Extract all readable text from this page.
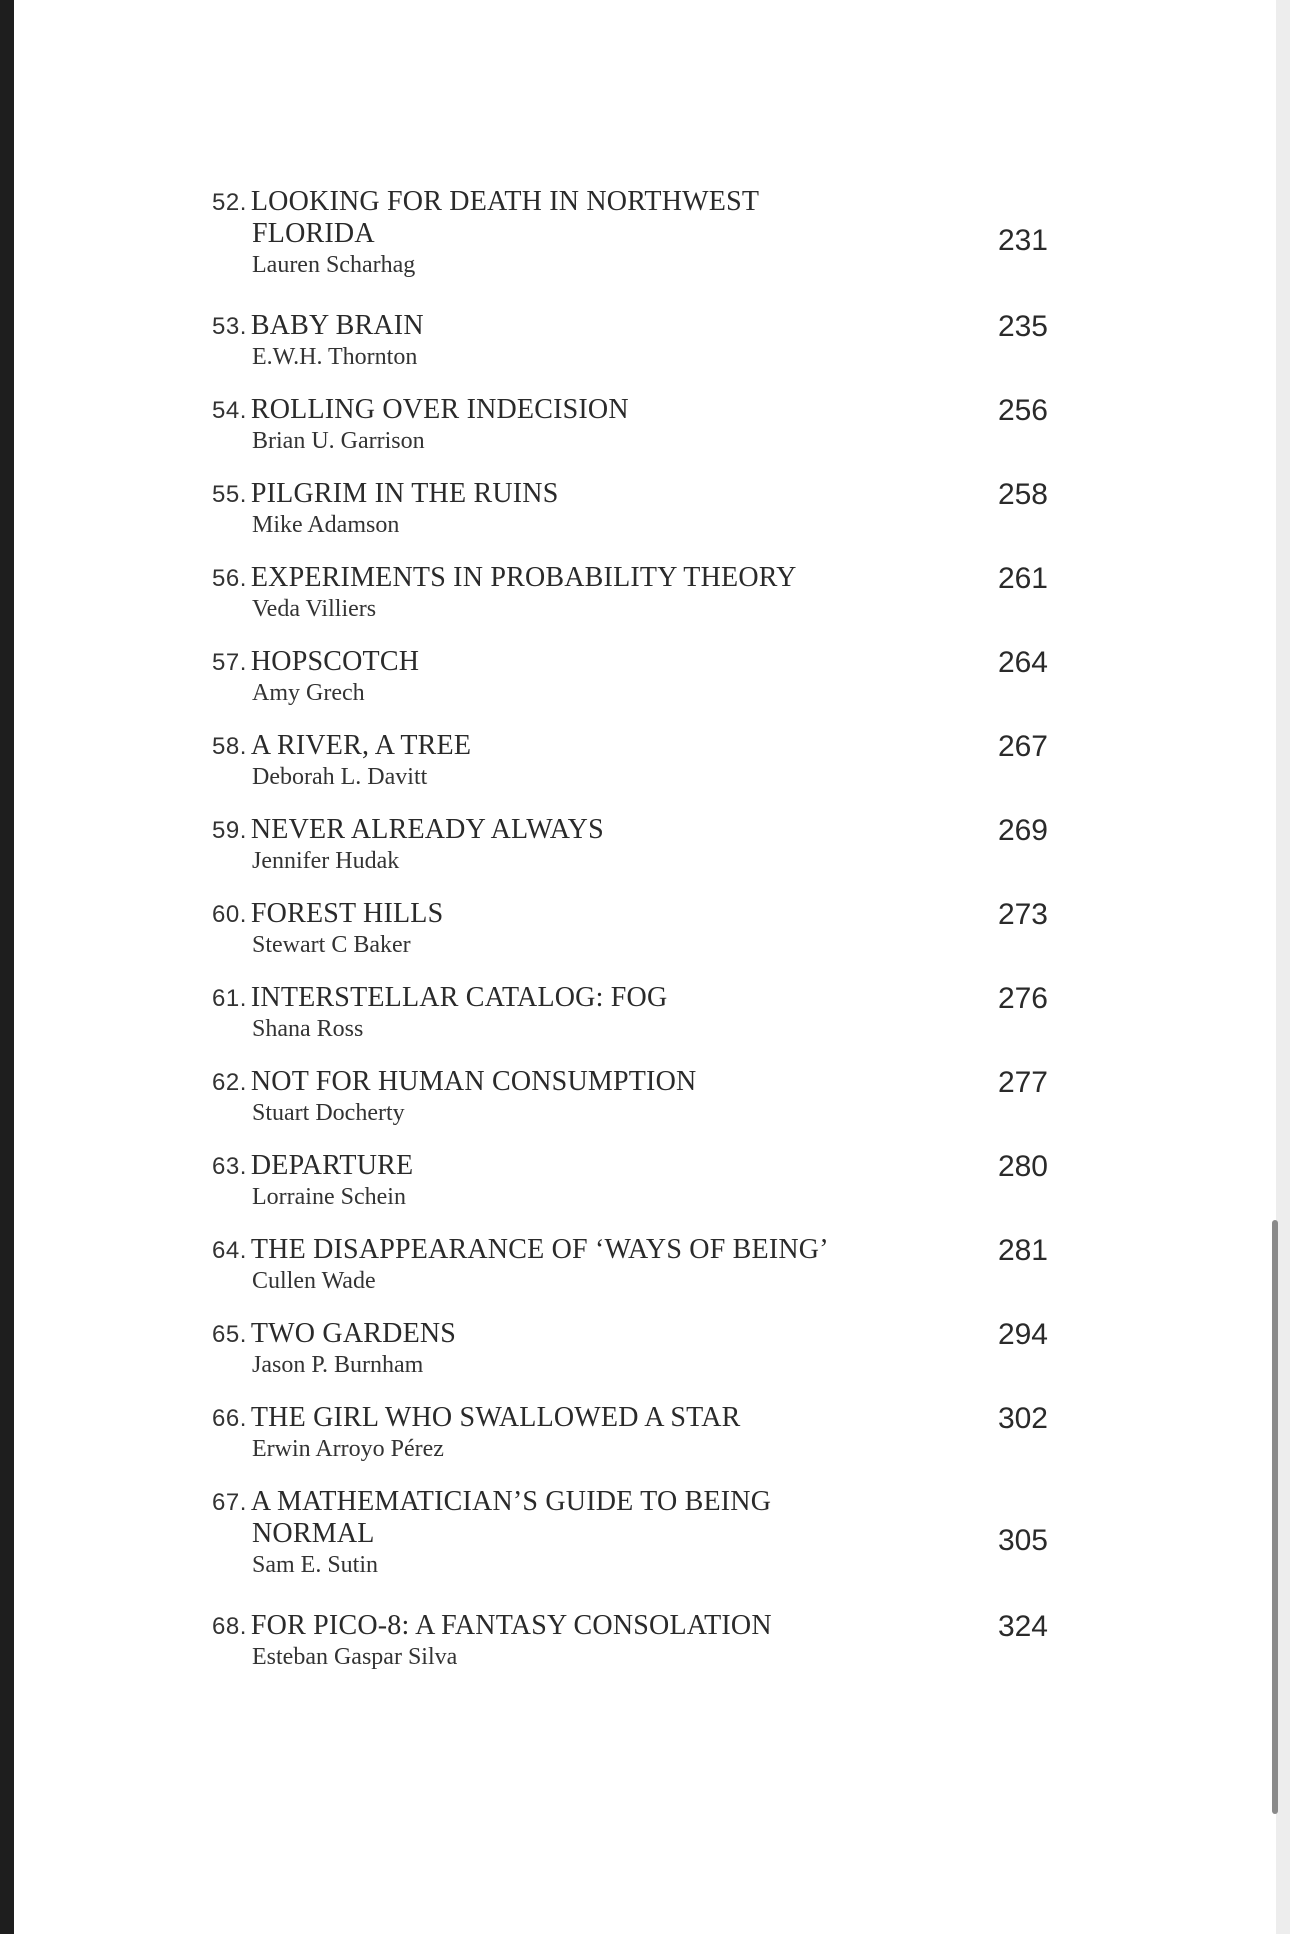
52. LOOKING FOR DEATH IN NORTHWEST
FLORIDA
Lauren Scharhag
231
53. BABY BRAIN
E.W.H. Thornton
235
54. ROLLING OVER INDECISION
Brian U. Garrison
256
55. PILGRIM IN THE RUINS
Mike Adamson
258
56. EXPERIMENTS IN PROBABILITY THEORY
Veda Villiers
261
57. HOPSCOTCH
Amy Grech
264
58. A RIVER, A TREE
Deborah L. Davitt
267
59. NEVER ALREADY ALWAYS
Jennifer Hudak
269
60. FOREST HILLS
Stewart C Baker
273
61. INTERSTELLAR CATALOG: FOG
Shana Ross
276
62. NOT FOR HUMAN CONSUMPTION
Stuart Docherty
277
63. DEPARTURE
Lorraine Schein
280
64. THE DISAPPEARANCE OF ‘WAYS OF BEING’
Cullen Wade
281
65. TWO GARDENS
Jason P. Burnham
294
66. THE GIRL WHO SWALLOWED A STAR
Erwin Arroyo Pérez
302
67. A MATHEMATICIAN’S GUIDE TO BEING
NORMAL
Sam E. Sutin
305
68. FOR PICO-8: A FANTASY CONSOLATION
Esteban Gaspar Silva
324
